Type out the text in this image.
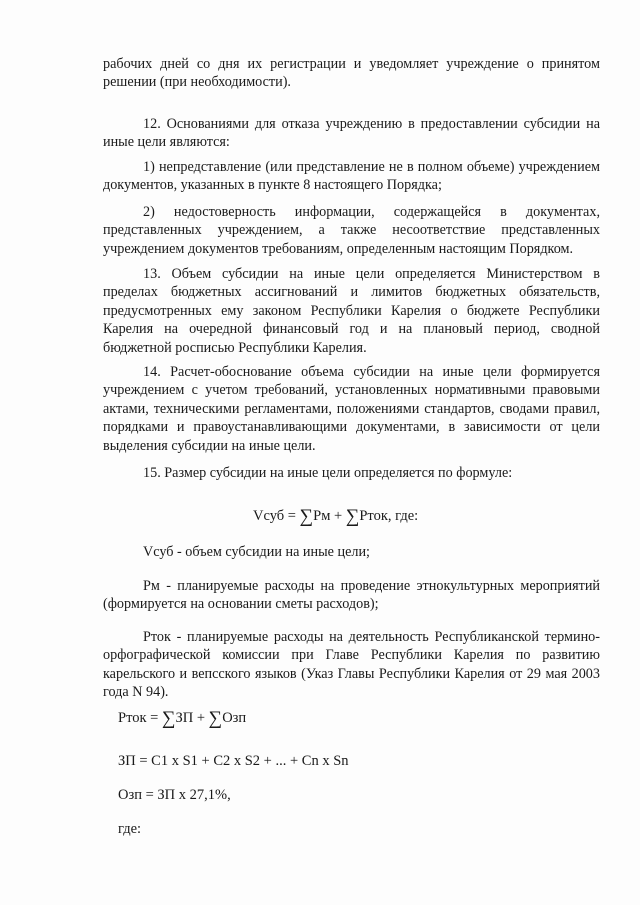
рабочих дней со дня их регистрации и уведомляет учреждение о принятом решении (при необходимости).

12. Основаниями для отказа учреждению в предоставлении субсидии на иные цели являются:

1) непредставление (или представление не в полном объеме) учреждением документов, указанных в пункте 8 настоящего Порядка;

2) недостоверность информации, содержащейся в документах, представленных учреждением, а также несоответствие представленных учреждением документов требованиям, определенным настоящим Порядком.

13. Объем субсидии на иные цели определяется Министерством в пределах бюджетных ассигнований и лимитов бюджетных обязательств, предусмотренных ему законом Республики Карелия о бюджете Республики Карелия на очередной финансовый год и на плановый период, сводной бюджетной росписью Республики Карелия.

14. Расчет-обоснование объема субсидии на иные цели формируется учреждением с учетом требований, установленных нормативными правовыми актами, техническими регламентами, положениями стандартов, сводами правил, порядками и правоустанавливающими документами, в зависимости от цели выделения субсидии на иные цели.

15. Размер субсидии на иные цели определяется по формуле:

Vсуб = ∑Рм + ∑Рток, где:

Vсуб - объем субсидии на иные цели;

Рм - планируемые расходы на проведение этнокультурных мероприятий (формируется на основании сметы расходов);

Рток - планируемые расходы на деятельность Республиканской термино-орфографической комиссии при Главе Республики Карелия по развитию карельского и вепсского языков (Указ Главы Республики Карелия от 29 мая 2003 года N 94).

Рток = ∑ЗП + ∑Озп

ЗП = C1 x S1 + C2 x S2 + ... + Cn x Sn

Озп = ЗП x 27,1%,

где:
